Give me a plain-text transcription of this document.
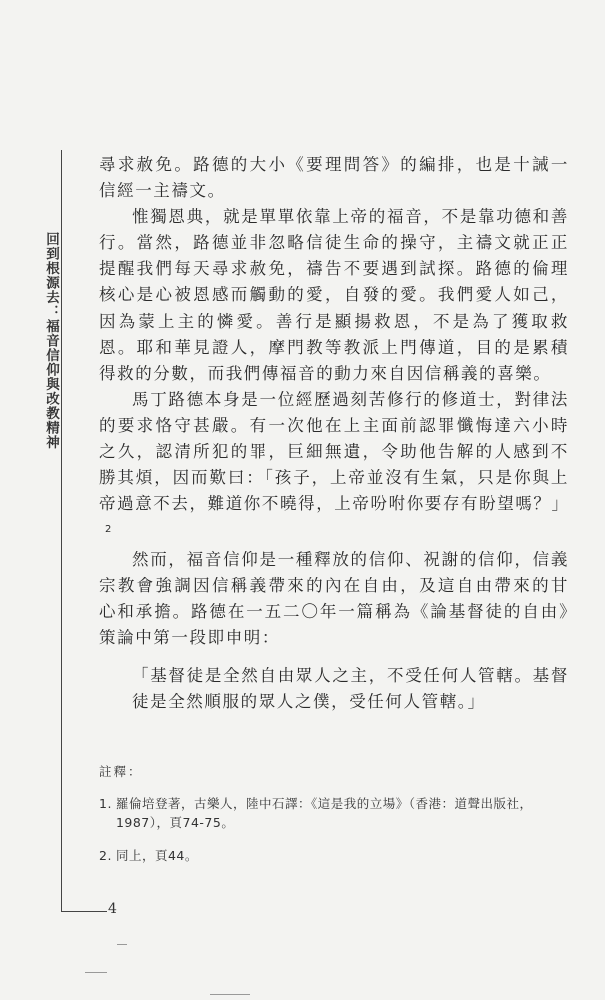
回到根源去：福音信仰與改教精神

尋求赦免。路德的大小《要理問答》的編排，也是十誡一信經一主禱文。

惟獨恩典，就是單單依靠上帝的福音，不是靠功德和善行。當然，路德並非忽略信徒生命的操守，主禱文就正正提醒我們每天尋求赦免，禱告不要遇到試探。路德的倫理核心是心被恩感而觸動的愛，自發的愛。我們愛人如己，因為蒙上主的憐愛。善行是顯揚救恩，不是為了獲取救恩。耶和華見證人，摩門教等教派上門傳道，目的是累積得救的分數，而我們傳福音的動力來自因信稱義的喜樂。

馬丁路德本身是一位經歷過刻苦修行的修道士，對律法的要求恪守甚嚴。有一次他在上主面前認罪懺悔達六小時之久，認清所犯的罪，巨細無遺，令助他告解的人感到不勝其煩，因而歎曰：「孩子，上帝並沒有生氣，只是你與上帝過意不去，難道你不曉得，上帝吩咐你要存有盼望嗎？」$^2$

然而，福音信仰是一種釋放的信仰、祝謝的信仰，信義宗教會強調因信稱義帶來的內在自由，及這自由帶來的甘心和承擔。路德在一五二〇年一篇稱為《論基督徒的自由》策論中第一段即申明：

「基督徒是全然自由眾人之主，不受任何人管轄。基督徒是全然順服的眾人之僕，受任何人管轄。」

註釋：

1. 羅倫培登著，古樂人，陸中石譯：《這是我的立場》（香港：道聲出版社，1987），頁74-75。
2. 同上，頁44。
4
